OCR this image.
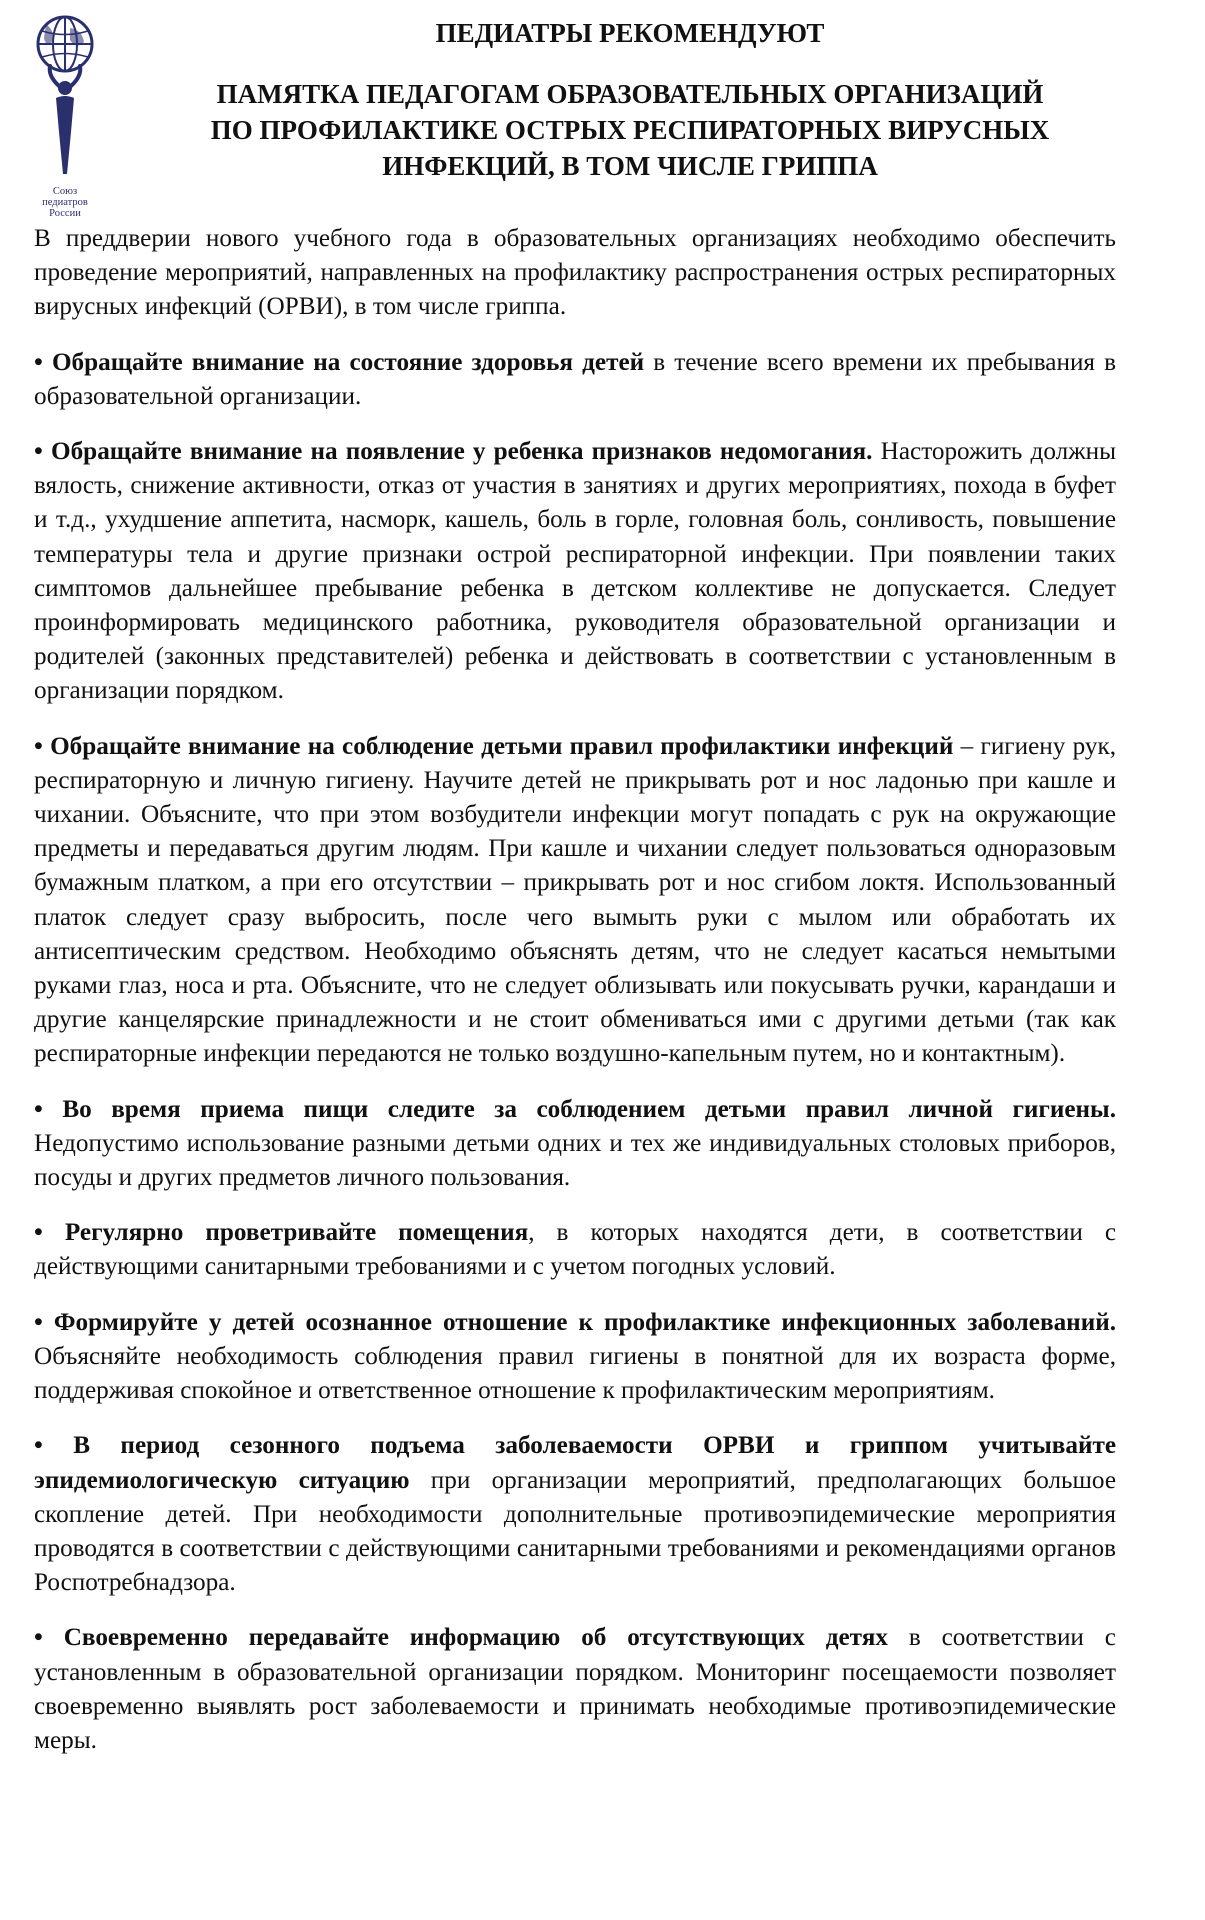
Союз
педиатров
России
ПЕДИАТРЫ РЕКОМЕНДУЮТ
ПАМЯТКА ПЕДАГОГАМ ОБРАЗОВАТЕЛЬНЫХ ОРГАНИЗАЦИЙ
ПО ПРОФИЛАКТИКЕ ОСТРЫХ РЕСПИРАТОРНЫХ ВИРУСНЫХ
ИНФЕКЦИЙ, В ТОМ ЧИСЛЕ ГРИППА

В преддверии нового учебного года в образовательных организациях необходимо обеспечить проведение мероприятий, направленных на профилактику распространения острых респираторных вирусных инфекций (ОРВИ), в том числе гриппа.

• Обращайте внимание на состояние здоровья детей в течение всего времени их пребывания в образовательной организации.

• Обращайте внимание на появление у ребенка признаков недомогания. Насторожить должны вялость, снижение активности, отказ от участия в занятиях и других мероприятиях, похода в буфет и т.д., ухудшение аппетита, насморк, кашель, боль в горле, головная боль, сонливость, повышение температуры тела и другие признаки острой респираторной инфекции. При появлении таких симптомов дальнейшее пребывание ребенка в детском коллективе не допускается. Следует проинформировать медицинского работника, руководителя образовательной организации и родителей (законных представителей) ребенка и действовать в соответствии с установленным в организации порядком.

• Обращайте внимание на соблюдение детьми правил профилактики инфекций – гигиену рук, респираторную и личную гигиену. Научите детей не прикрывать рот и нос ладонью при кашле и чихании. Объясните, что при этом возбудители инфекции могут попадать с рук на окружающие предметы и передаваться другим людям. При кашле и чихании следует пользоваться одноразовым бумажным платком, а при его отсутствии – прикрывать рот и нос сгибом локтя. Использованный платок следует сразу выбросить, после чего вымыть руки с мылом или обработать их антисептическим средством. Необходимо объяснять детям, что не следует касаться немытыми руками глаз, носа и рта. Объясните, что не следует облизывать или покусывать ручки, карандаши и другие канцелярские принадлежности и не стоит обмениваться ими с другими детьми (так как респираторные инфекции передаются не только воздушно-капельным путем, но и контактным).

• Во время приема пищи следите за соблюдением детьми правил личной гигиены. Недопустимо использование разными детьми одних и тех же индивидуальных столовых приборов, посуды и других предметов личного пользования.

• Регулярно проветривайте помещения, в которых находятся дети, в соответствии с действующими санитарными требованиями и с учетом погодных условий.

• Формируйте у детей осознанное отношение к профилактике инфекционных заболеваний. Объясняйте необходимость соблюдения правил гигиены в понятной для их возраста форме, поддерживая спокойное и ответственное отношение к профилактическим мероприятиям.

• В период сезонного подъема заболеваемости ОРВИ и гриппом учитывайте эпидемиологическую ситуацию при организации мероприятий, предполагающих большое скопление детей. При необходимости дополнительные противоэпидемические мероприятия проводятся в соответствии с действующими санитарными требованиями и рекомендациями органов Роспотребнадзора.

• Своевременно передавайте информацию об отсутствующих детях в соответствии с установленным в образовательной организации порядком. Мониторинг посещаемости позволяет своевременно выявлять рост заболеваемости и принимать необходимые противоэпидемические меры.
